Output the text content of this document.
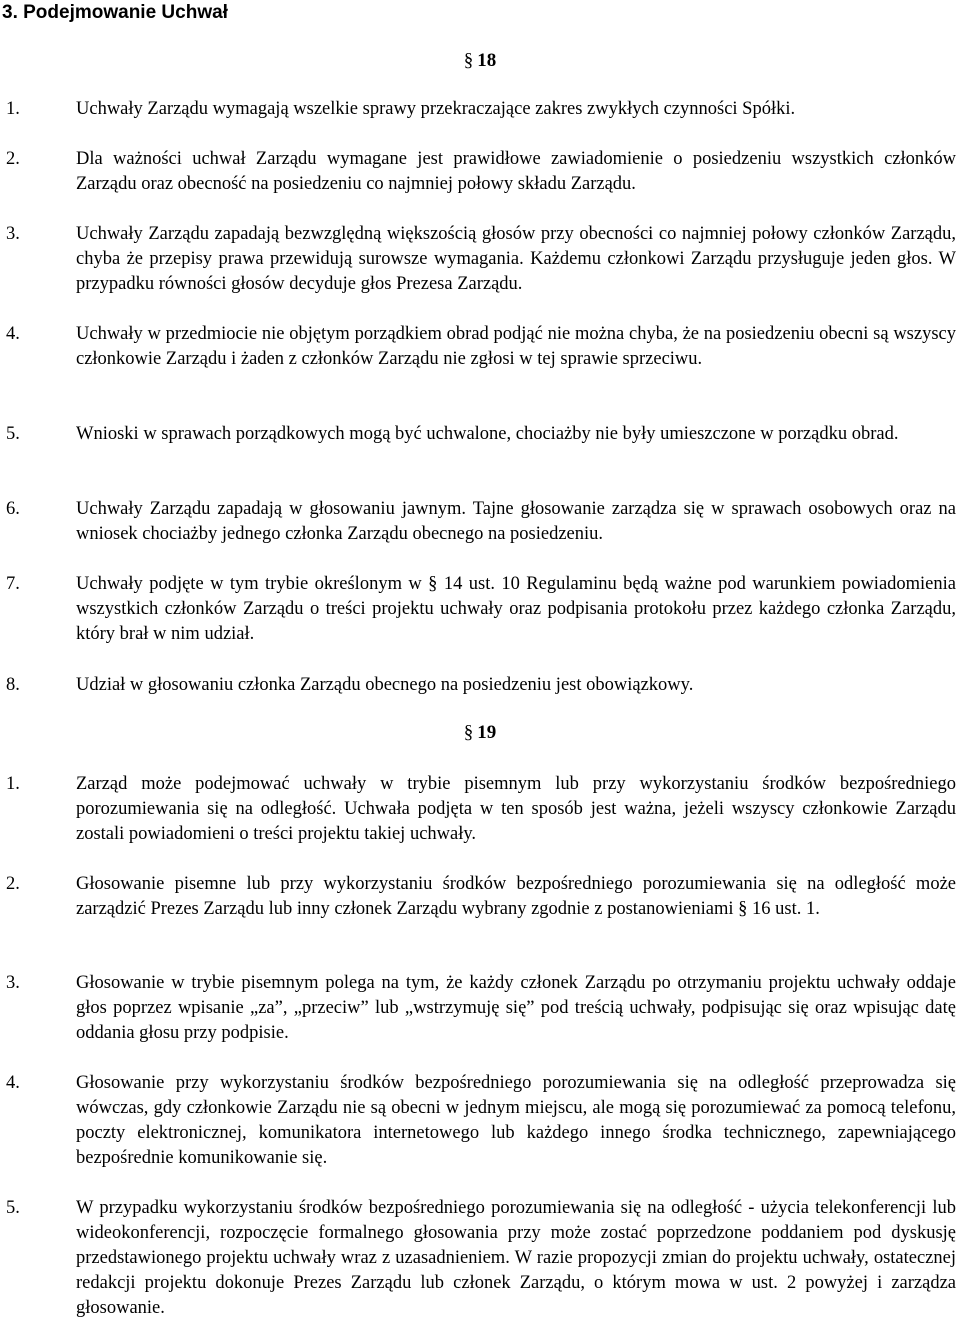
3. Podejmowanie Uchwał
§ 18
1.	Uchwały Zarządu wymagają wszelkie sprawy przekraczające zakres zwykłych czynności Spółki.
2.	Dla ważności uchwał Zarządu wymagane jest prawidłowe zawiadomienie o posiedzeniu wszystkich członków Zarządu oraz obecność na posiedzeniu co najmniej połowy składu Zarządu.
3.	Uchwały Zarządu zapadają bezwzględną większością głosów przy obecności co najmniej połowy członków Zarządu, chyba że przepisy prawa przewidują surowsze wymagania. Każdemu członkowi Zarządu przysługuje jeden głos. W przypadku równości głosów decyduje głos Prezesa Zarządu.
4.	Uchwały w przedmiocie nie objętym porządkiem obrad podjąć nie można chyba, że na posiedzeniu obecni są wszyscy członkowie Zarządu i żaden z członków Zarządu nie zgłosi w tej sprawie sprzeciwu.
5.	Wnioski w sprawach porządkowych mogą być uchwalone, chociażby nie były umieszczone w porządku obrad.
6.	Uchwały Zarządu zapadają w głosowaniu jawnym. Tajne głosowanie zarządza się w sprawach osobowych oraz na wniosek chociażby jednego członka Zarządu obecnego na posiedzeniu.
7.	Uchwały podjęte w tym trybie określonym w § 14 ust. 10 Regulaminu będą ważne pod warunkiem powiadomienia wszystkich członków Zarządu o treści projektu uchwały oraz podpisania protokołu przez każdego członka Zarządu, który brał w nim udział.
8.	Udział w głosowaniu członka Zarządu obecnego na posiedzeniu jest obowiązkowy.
§ 19
1.	Zarząd może podejmować uchwały w trybie pisemnym lub przy wykorzystaniu środków bezpośredniego porozumiewania się na odległość. Uchwała podjęta w ten sposób jest ważna, jeżeli wszyscy członkowie Zarządu zostali powiadomieni o treści projektu takiej uchwały.
2.	Głosowanie pisemne lub przy wykorzystaniu środków bezpośredniego porozumiewania się na odległość może zarządzić Prezes Zarządu lub inny członek Zarządu wybrany zgodnie z postanowieniami § 16 ust. 1.
3.	Głosowanie w trybie pisemnym polega na tym, że każdy członek Zarządu po otrzymaniu projektu uchwały oddaje głos poprzez wpisanie „za”, „przeciw” lub „wstrzymuję się” pod treścią uchwały, podpisując się oraz wpisując datę oddania głosu przy podpisie.
4.	Głosowanie przy wykorzystaniu środków bezpośredniego porozumiewania się na odległość przeprowadza się wówczas, gdy członkowie Zarządu nie są obecni w jednym miejscu, ale mogą się porozumiewać za pomocą telefonu, poczty elektronicznej, komunikatora internetowego lub każdego innego środka technicznego, zapewniającego bezpośrednie komunikowanie się.
5.	W przypadku wykorzystaniu środków bezpośredniego porozumiewania się na odległość - użycia telekonferencji lub wideokonferencji, rozpoczęcie formalnego głosowania przy może zostać poprzedzone poddaniem pod dyskusję przedstawionego projektu uchwały wraz z uzasadnieniem. W razie propozycji zmian do projektu uchwały, ostatecznej redakcji projektu dokonuje Prezes Zarządu lub członek Zarządu, o którym mowa w ust. 2 powyżej i zarządza głosowanie.
